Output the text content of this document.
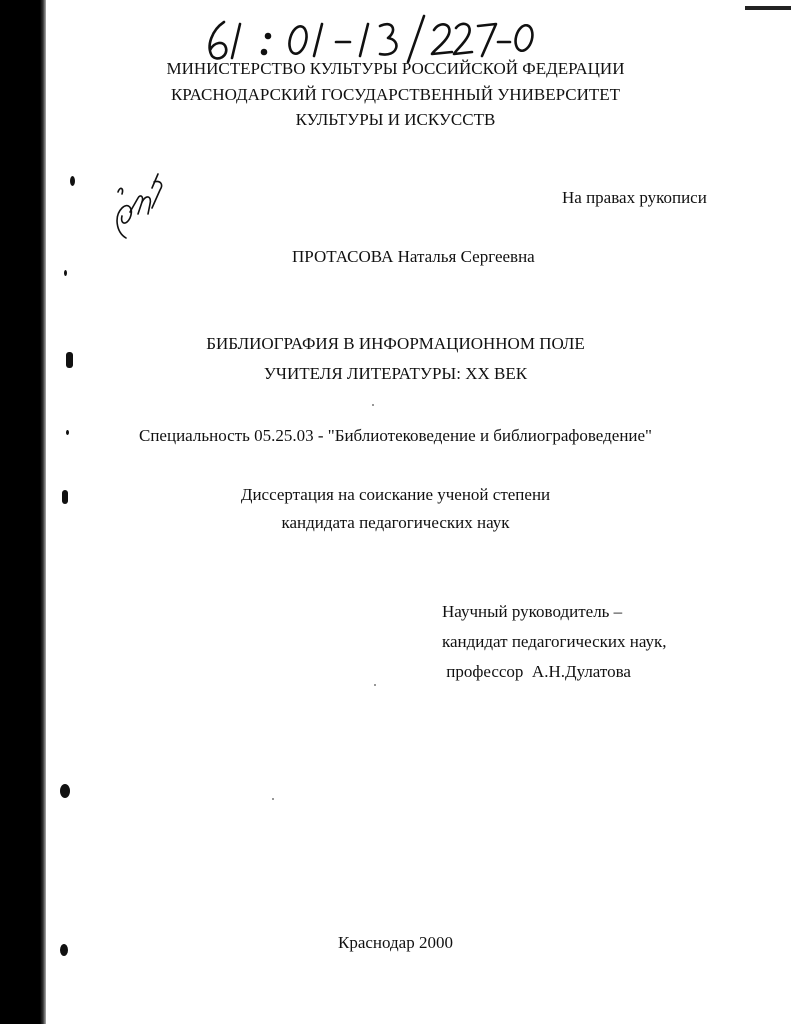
МИНИСТЕРСТВО КУЛЬТУРЫ РОССИЙСКОЙ ФЕДЕРАЦИИ
КРАСНОДАРСКИЙ ГОСУДАРСТВЕННЫЙ УНИВЕРСИТЕТ
КУЛЬТУРЫ И ИСКУССТВ
На правах рукописи
ПРОТАСОВА Наталья Сергеевна
БИБЛИОГРАФИЯ В ИНФОРМАЦИОННОМ ПОЛЕ
УЧИТЕЛЯ ЛИТЕРАТУРЫ: XX ВЕК
Специальность 05.25.03 - "Библиотековедение и библиографоведение"
Диссертация на соискание ученой степени
кандидата педагогических наук
Научный руководитель –
кандидат педагогических наук,
профессор  А.Н.Дулатова
Краснодар 2000
